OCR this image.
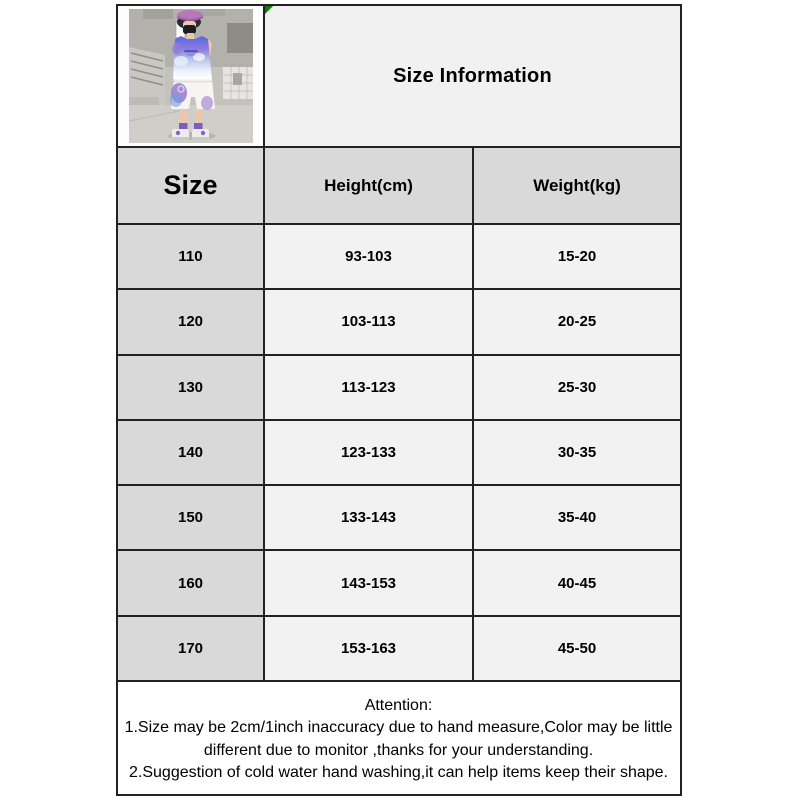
Size Information	
Size	Height(cm)	Weight(kg)
110	93-103	15-20
120	103-113	20-25
130	113-123	25-30
140	123-133	30-35
150	133-143	35-40
160	143-153	40-45
170	153-163	45-50

Attention:
1.Size may be 2cm/1inch inaccuracy due to hand measure,Color may be little different due to monitor ,thanks for your understanding.
2.Suggestion of cold water hand washing,it can help items keep their shape.		
